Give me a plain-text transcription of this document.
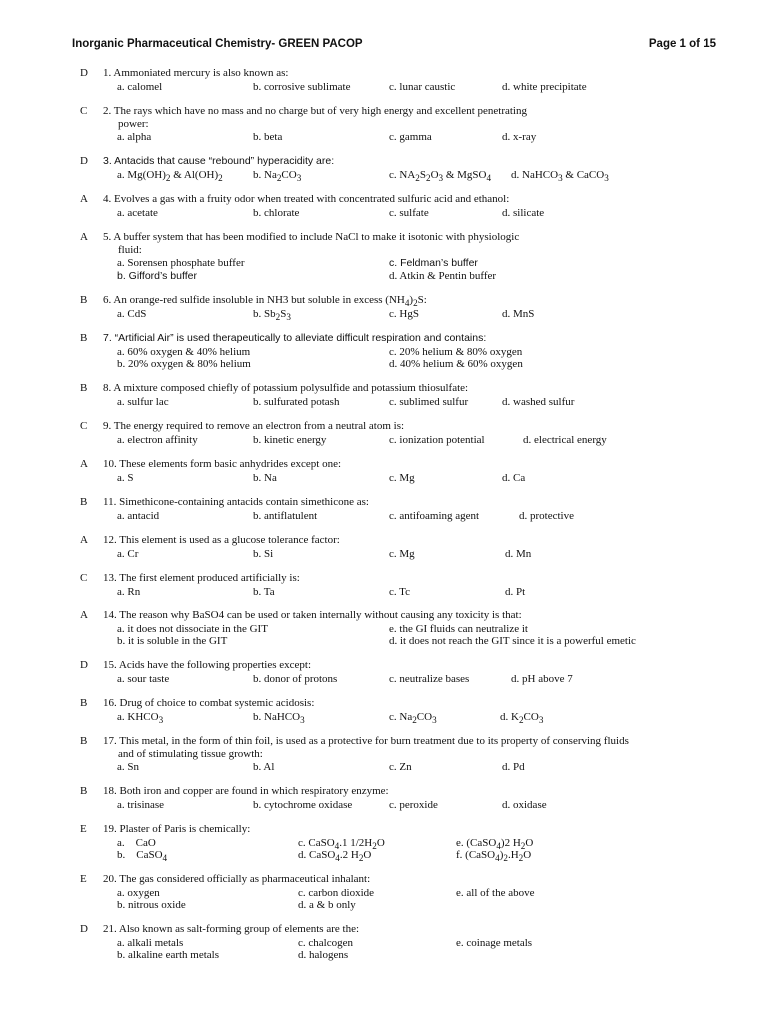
Inorganic Pharmaceutical Chemistry- GREEN PACOP	Page 1 of 15
D 1. Ammoniated mercury is also known as:
a. calomel	b. corrosive sublimate	c. lunar caustic	d. white precipitate
C 2. The rays which have no mass and no charge but of very high energy and excellent penetrating
power:
a. alpha	b. beta	c. gamma	d. x-ray
D 3. Antacids that cause “rebound” hyperacidity are:
a. $Mg(OH)_2$ & $Al(OH)_2$	b. $Na_2CO_3$	c. $NA_2S_2O_3$ & MgSO$_4$ d. NaHCO$_3$ & CaCO$_3$
A 4. Evolves a gas with a fruity odor when treated with concentrated sulfuric acid and ethanol:
a. acetate	b. chlorate	c. sulfate	d. silicate
A 5. A buffer system that has been modified to include NaCl to make it isotonic with physiologic
fluid:
a. Sorensen phosphate buffer	c. Feldman’s buffer
b. Gifford’s buffer	d. Atkin & Pentin buffer
B 6. An orange-red sulfide insoluble in NH3 but soluble in excess $(NH_4)_2S$:
a. CdS	b. $Sb_2S_3$	c. HgS	d. MnS
B 7. “Artificial Air” is used therapeutically to alleviate difficult respiration and contains:
a. 60% oxygen & 40% helium	c. 20% helium & 80% oxygen
b. 20% oxygen & 80% helium	d. 40% helium & 60% oxygen
B 8. A mixture composed chiefly of potassium polysulfide and potassium thiosulfate:
a. sulfur lac	b. sulfurated potash	c. sublimed sulfur	d. washed sulfur
C 9. The energy required to remove an electron from a neutral atom is:
a. electron affinity	b. kinetic energy	c. ionization potential	d. electrical energy
A 10. These elements form basic anhydrides except one:
a. S	b. Na	c. Mg	d. Ca
B 11. Simethicone-containing antacids contain simethicone as:
a. antacid	b. antiflatulent	c. antifoaming agent	d. protective
A 12. This element is used as a glucose tolerance factor:
a. Cr	b. Si	c. Mg	d. Mn
C 13. The first element produced artificially is:
a. Rn	b. Ta	c. Tc	d. Pt
A 14. The reason why BaSO4 can be used or taken internally without causing any toxicity is that:
a. it does not dissociate in the GIT	e. the GI fluids can neutralize it
b. it is soluble in the GIT	d. it does not reach the GIT since it is a powerful emetic
D 15. Acids have the following properties except:
a. sour taste	b. donor of protons	c. neutralize bases	d. pH above 7
B 16. Drug of choice to combat systemic acidosis:
a. $KHCO_3$	b. NaHCO$_3$	c. $Na_2CO_3$	d. $K_2CO_3$
B 17. This metal, in the form of thin foil, is used as a protective for burn treatment due to its property of conserving fluids
and of stimulating tissue growth:
a. Sn	b. Al	c. Zn	d. Pd
B 18. Both iron and copper are found in which respiratory enzyme:
a. trisinase	b. cytochrome oxidase	c. peroxide	d. oxidase
E 19. Plaster of Paris is chemically:
a.    CaO	c. CaSO$_4$.1 $1/2H_2O$	e. (CaSO$_4$)2 $H_2O$
b.    CaSO$_4$	d. CaSO$_4$.2 $H_2O$	f. $(CaSO_4)_2.H_2O$
E 20. The gas considered officially as pharmaceutical inhalant:
a. oxygen	c. carbon dioxide	e. all of the above
b. nitrous oxide	d. a & b only
D 21. Also known as salt-forming group of elements are the:
a. alkali metals	c. chalcogen	e. coinage metals
b. alkaline earth metals	d. halogens
